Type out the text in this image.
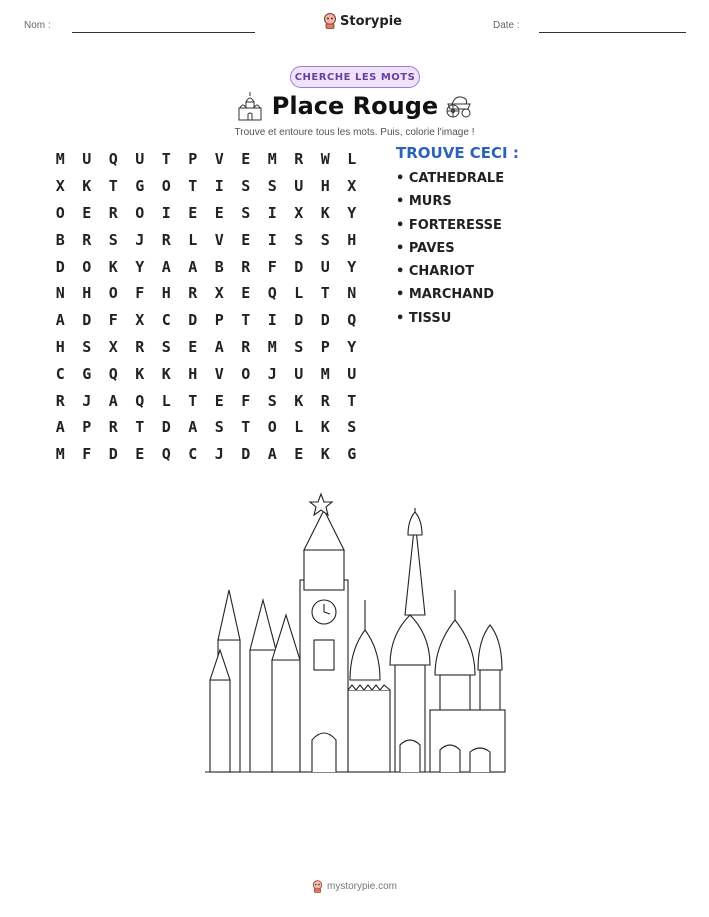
Nom :	Storypie	Date :
CHERCHE LES MOTS
Place Rouge
Trouve et entoure tous les mots. Puis, colorie l'image !
M	U	Q	U	T	P	V	E	M	R	W	L
X	K	T	G	O	T	I	S	S	U	H	X
O	E	R	O	I	E	E	S	I	X	K	Y
B	R	S	J	R	L	V	E	I	S	S	H
D	O	K	Y	A	A	B	R	F	D	U	Y
N	H	O	F	H	R	X	E	Q	L	T	N
A	D	F	X	C	D	P	T	I	D	D	Q
H	S	X	R	S	E	A	R	M	S	P	Y
C	G	Q	K	K	H	V	O	J	U	M	U
R	J	A	Q	L	T	E	F	S	K	R	T
A	P	R	T	D	A	S	T	O	L	K	S
M	F	D	E	Q	C	J	D	A	E	K	G
TROUVE CECI :
• CATHEDRALE
• MURS
• FORTERESSE
• PAVES
• CHARIOT
• MARCHAND
• TISSU
mystorypie.com
